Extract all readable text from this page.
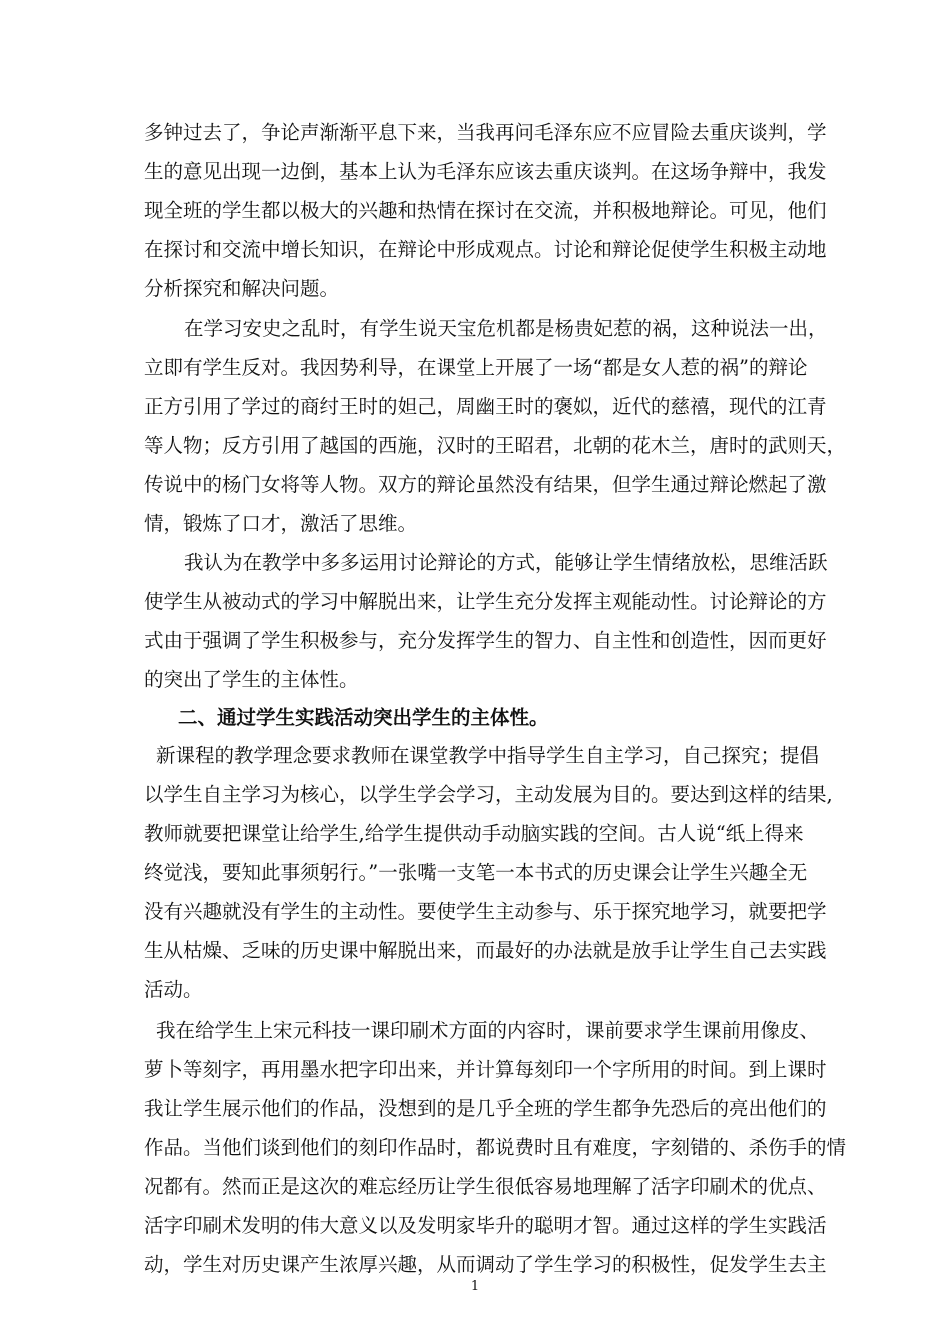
多钟过去了，争论声渐渐平息下来，当我再问毛泽东应不应冒险去重庆谈判，学
生的意见出现一边倒，基本上认为毛泽东应该去重庆谈判。在这场争辩中，我发
现全班的学生都以极大的兴趣和热情在探讨在交流，并积极地辩论。可见，他们
在探讨和交流中增长知识，在辩论中形成观点。讨论和辩论促使学生积极主动地
分析探究和解决问题。
在学习安史之乱时，有学生说天宝危机都是杨贵妃惹的祸，这种说法一出，
立即有学生反对。我因势利导，在课堂上开展了一场“都是女人惹的祸”的辩论
正方引用了学过的商纣王时的妲己，周幽王时的褒姒，近代的慈禧，现代的江青
等人物；反方引用了越国的西施，汉时的王昭君，北朝的花木兰，唐时的武则天，
传说中的杨门女将等人物。双方的辩论虽然没有结果，但学生通过辩论燃起了激
情，锻炼了口才，激活了思维。
我认为在教学中多多运用讨论辩论的方式，能够让学生情绪放松，思维活跃
使学生从被动式的学习中解脱出来，让学生充分发挥主观能动性。讨论辩论的方
式由于强调了学生积极参与，充分发挥学生的智力、自主性和创造性，因而更好
的突出了学生的主体性。
二、通过学生实践活动突出学生的主体性。
新课程的教学理念要求教师在课堂教学中指导学生自主学习，自己探究；提倡
以学生自主学习为核心，以学生学会学习，主动发展为目的。要达到这样的结果,
教师就要把课堂让给学生,给学生提供动手动脑实践的空间。古人说“纸上得来
终觉浅，要知此事须躬行。”一张嘴一支笔一本书式的历史课会让学生兴趣全无
没有兴趣就没有学生的主动性。要使学生主动参与、乐于探究地学习，就要把学
生从枯燥、乏味的历史课中解脱出来，而最好的办法就是放手让学生自己去实践
活动。
我在给学生上宋元科技一课印刷术方面的内容时，课前要求学生课前用像皮、
萝卜等刻字，再用墨水把字印出来，并计算每刻印一个字所用的时间。到上课时
我让学生展示他们的作品，没想到的是几乎全班的学生都争先恐后的亮出他们的
作品。当他们谈到他们的刻印作品时，都说费时且有难度，字刻错的、杀伤手的情
况都有。然而正是这次的难忘经历让学生很低容易地理解了活字印刷术的优点、
活字印刷术发明的伟大意义以及发明家毕升的聪明才智。通过这样的学生实践活
动，学生对历史课产生浓厚兴趣，从而调动了学生学习的积极性，促发学生去主
1
